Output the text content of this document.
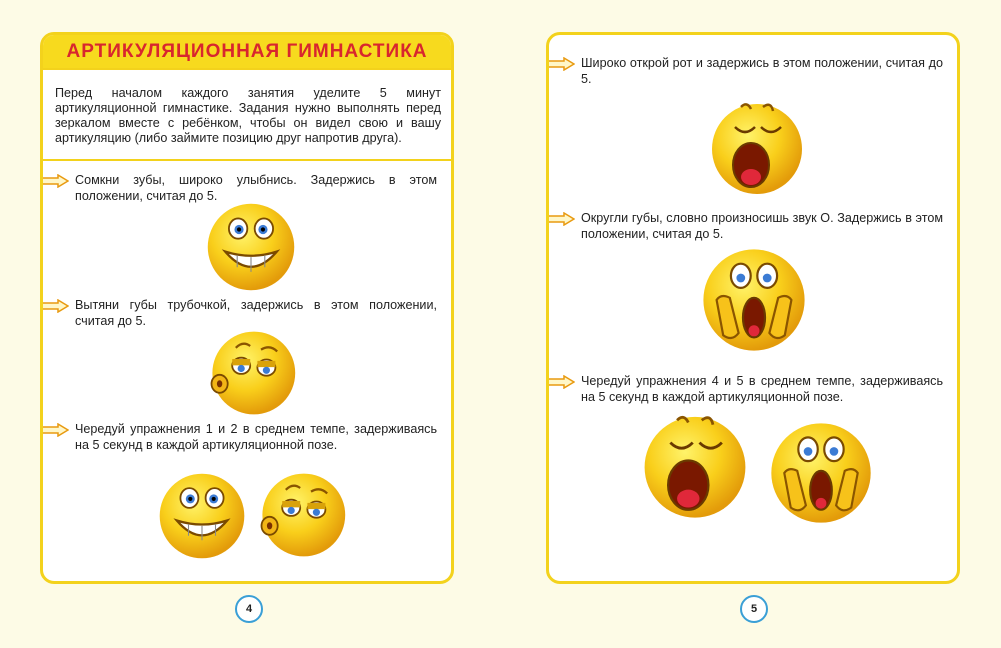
АРТИКУЛЯЦИОННАЯ ГИМНАСТИКА
Перед началом каждого занятия уделите 5 минут артикуляционной гимнастике. Задания нужно выполнять перед зеркалом вместе с ребёнком, чтобы он видел свою и вашу артикуляцию (либо займите позицию друг напротив друга).
Сомкни зубы, широко улыбнись. Задержись в этом положении, считая до 5.
Вытяни губы трубочкой, задержись в этом положении, считая до 5.
Чередуй упражнения 1 и 2 в среднем темпе, задерживаясь на 5 секунд в каждой артикуляционной позе.
4
Широко открой рот и задержись в этом положении, считая до 5.
Округли губы, словно произносишь звук О. Задержись в этом положении, считая до 5.
Чередуй упражнения 4 и 5 в среднем темпе, задерживаясь на 5 секунд в каждой артикуляционной позе.
5
